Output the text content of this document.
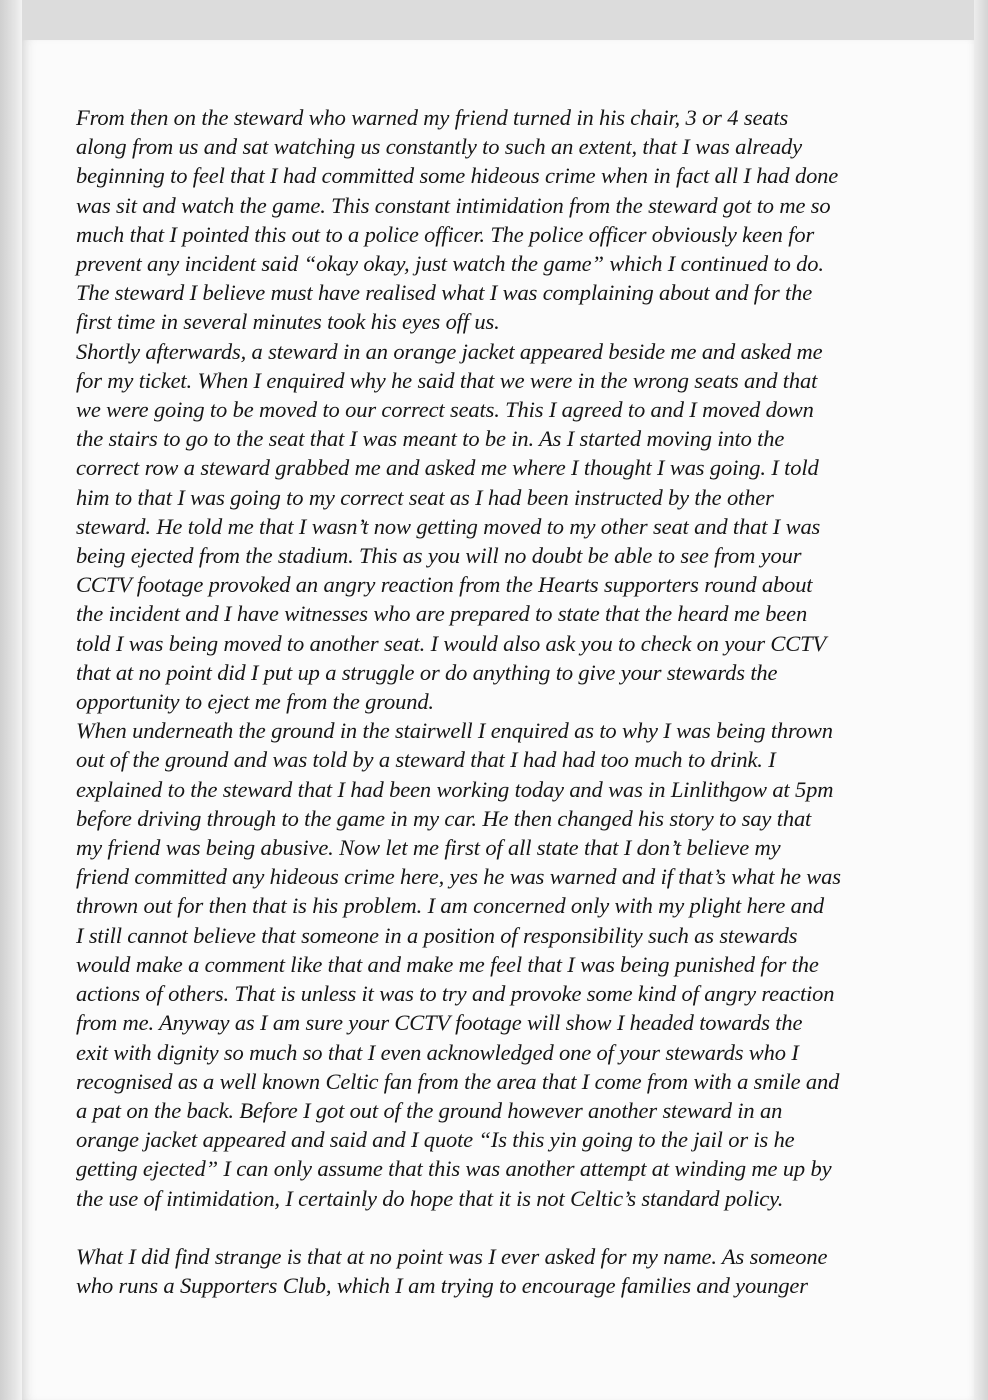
From then on the steward who warned my friend turned in his chair, 3 or 4 seats
along from us and sat watching us constantly to such an extent, that I was already
beginning to feel that I had committed some hideous crime when in fact all I had done
was sit and watch the game. This constant intimidation from the steward got to me so
much that I pointed this out to a police officer. The police officer obviously keen for
prevent any incident said “okay okay, just watch the game” which I continued to do.
The steward I believe must have realised what I was complaining about and for the
first time in several minutes took his eyes off us.
Shortly afterwards, a steward in an orange jacket appeared beside me and asked me
for my ticket. When I enquired why he said that we were in the wrong seats and that
we were going to be moved to our correct seats. This I agreed to and I moved down
the stairs to go to the seat that I was meant to be in. As I started moving into the
correct row a steward grabbed me and asked me where I thought I was going. I told
him to that I was going to my correct seat as I had been instructed by the other
steward. He told me that I wasn’t now getting moved to my other seat and that I was
being ejected from the stadium. This as you will no doubt be able to see from your
CCTV footage provoked an angry reaction from the Hearts supporters round about
the incident and I have witnesses who are prepared to state that the heard me been
told I was being moved to another seat. I would also ask you to check on your CCTV
that at no point did I put up a struggle or do anything to give your stewards the
opportunity to eject me from the ground.
When underneath the ground in the stairwell I enquired as to why I was being thrown
out of the ground and was told by a steward that I had had too much to drink. I
explained to the steward that I had been working today and was in Linlithgow at 5pm
before driving through to the game in my car. He then changed his story to say that
my friend was being abusive. Now let me first of all state that I don’t believe my
friend committed any hideous crime here, yes he was warned and if that’s what he was
thrown out for then that is his problem. I am concerned only with my plight here and
I still cannot believe that someone in a position of responsibility such as stewards
would make a comment like that and make me feel that I was being punished for the
actions of others. That is unless it was to try and provoke some kind of angry reaction
from me. Anyway as I am sure your CCTV footage will show I headed towards the
exit with dignity so much so that I even acknowledged one of your stewards who I
recognised as a well known Celtic fan from the area that I come from with a smile and
a pat on the back. Before I got out of the ground however another steward in an
orange jacket appeared and said and I quote “Is this yin going to the jail or is he
getting ejected” I can only assume that this was another attempt at winding me up by
the use of intimidation, I certainly do hope that it is not Celtic’s standard policy.
What I did find strange is that at no point was I ever asked for my name. As someone
who runs a Supporters Club, which I am trying to encourage families and younger
